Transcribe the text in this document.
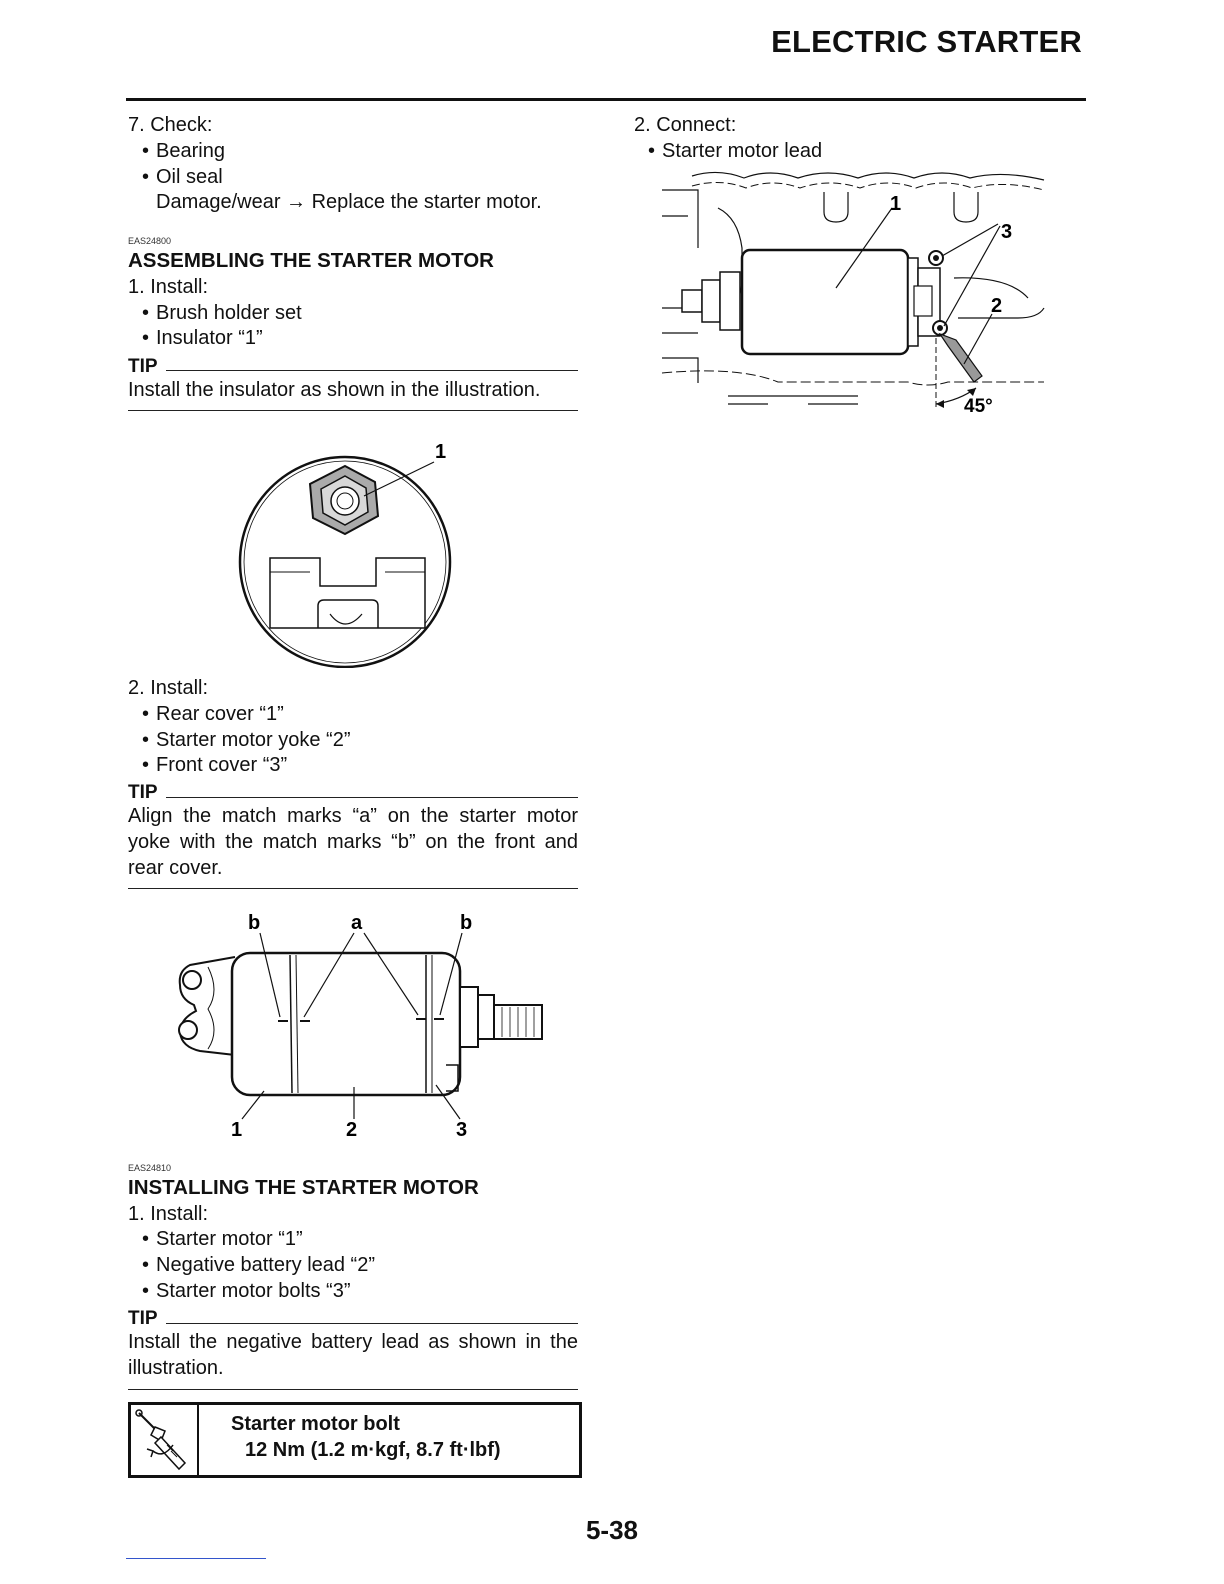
ELECTRIC STARTER
7. Check:
• Bearing
• Oil seal
Damage/wear → Replace the starter motor.
EAS24800
ASSEMBLING THE STARTER MOTOR
1. Install:
• Brush holder set
• Insulator “1”
TIP
Install the insulator as shown in the illustration.
1
2. Install:
• Rear cover “1”
• Starter motor yoke “2”
• Front cover “3”
TIP
Align the match marks “a” on the starter motor yoke with the match marks “b” on the front and rear cover.
b	a	b
1	2	3
EAS24810
INSTALLING THE STARTER MOTOR
1. Install:
• Starter motor “1”
• Negative battery lead “2”
• Starter motor bolts “3”
TIP
Install the negative battery lead as shown in the illustration.
Starter motor bolt
12 Nm (1.2 m·kgf, 8.7 ft·lbf)
2. Connect:
• Starter motor lead
1
3
2
45°
5-38
